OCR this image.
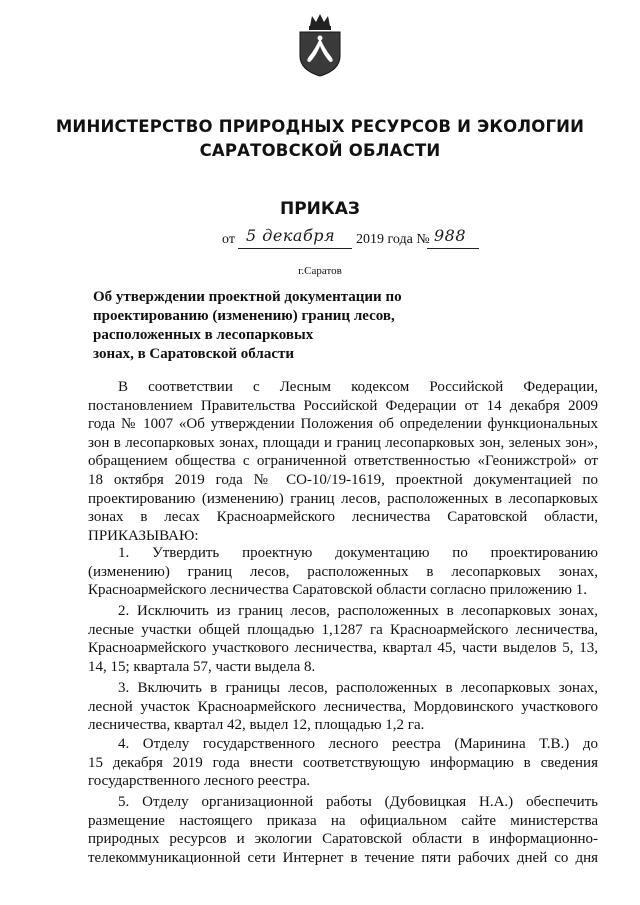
МИНИСТЕРСТВО ПРИРОДНЫХ РЕСУРСОВ И ЭКОЛОГИИ
САРАТОВСКОЙ ОБЛАСТИ
ПРИКАЗ
от 5 декабря 2019 года № 988
г.Саратов
Об утверждении проектной документации по
проектированию (изменению) границ лесов,
расположенных в лесопарковых
зонах, в Саратовской области
В соответствии с Лесным кодексом Российской Федерации,
постановлением Правительства Российской Федерации от 14 декабря 2009
года № 1007 «Об утверждении Положения об определении функциональных
зон в лесопарковых зонах, площади и границ лесопарковых зон, зеленых зон»,
обращением общества с ограниченной ответственностью «Геонижстрой» от
18 октября 2019 года № СО-10/19-1619, проектной документацией по
проектированию (изменению) границ лесов, расположенных в лесопарковых
зонах в лесах Красноармейского лесничества Саратовской области,
ПРИКАЗЫВАЮ:
1. Утвердить проектную документацию по проектированию
(изменению) границ лесов, расположенных в лесопарковых зонах,
Красноармейского лесничества Саратовской области согласно приложению 1.
2. Исключить из границ лесов, расположенных в лесопарковых зонах,
лесные участки общей площадью 1,1287 га Красноармейского лесничества,
Красноармейского участкового лесничества, квартал 45, части выделов 5, 13,
14, 15; квартала 57, части выдела 8.
3. Включить в границы лесов, расположенных в лесопарковых зонах,
лесной участок Красноармейского лесничества, Мордовинского участкового
лесничества, квартал 42, выдел 12, площадью 1,2 га.
4. Отделу государственного лесного реестра (Маринина Т.В.) до
15 декабря 2019 года внести соответствующую информацию в сведения
государственного лесного реестра.
5. Отделу организационной работы (Дубовицкая Н.А.) обеспечить
размещение настоящего приказа на официальном сайте министерства
природных ресурсов и экологии Саратовской области в информационно-
телекоммуникационной сети Интернет в течение пяти рабочих дней со дня
